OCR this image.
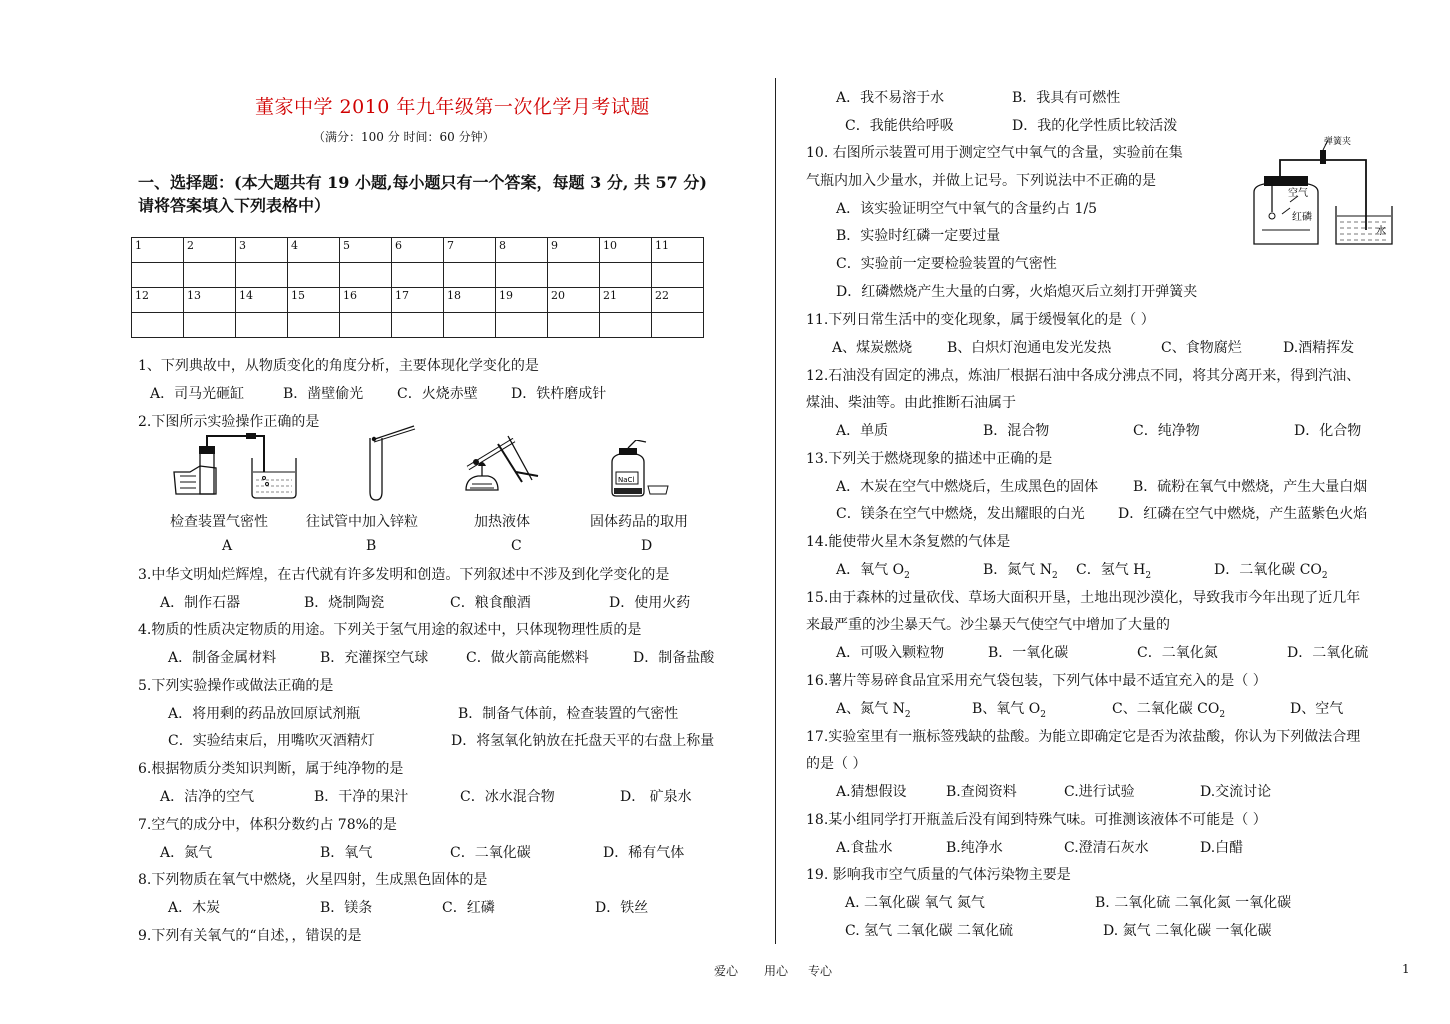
董家中学 2010 年九年级第一次化学月考试题
（满分：100 分 时间：60 分钟）
一、选择题：(本大题共有 19 小题,每小题只有一个答案，每题 3 分, 共 57 分)
请将答案填入下列表格中）
1	2	3	4	5	6	7	8	9	10	11

12	13	14	15	16	17	18	19	20	21	22

1、下列典故中，从物质变化的角度分析，主要体现化学变化的是
A．司马光砸缸	B．凿壁偷光 C．火烧赤壁 D．铁杵磨成针
2.下图所示实验操作正确的是
NaCl
检查装置气密性	往试管中加入锌粒	加热液体	固体药品的取用
A	B	C	D
3.中华文明灿烂辉煌，在古代就有许多发明和创造。下列叙述中不涉及到化学变化的是
A．制作石器	B．烧制陶瓷	C．粮食酿酒	D．使用火药
4.物质的性质决定物质的用途。下列关于氢气用途的叙述中，只体现物理性质的是
A．制备金属材料	B．充灌探空气球	C．做火箭高能燃料	D．制备盐酸
5.下列实验操作或做法正确的是
A．将用剩的药品放回原试剂瓶	B．制备气体前，检查装置的气密性
C．实验结束后，用嘴吹灭酒精灯	D．将氢氧化钠放在托盘天平的右盘上称量
6.根据物质分类知识判断，属于纯净物的是
A．洁净的空气	B．干净的果汁	C．冰水混合物	D． 矿泉水
7.空气的成分中，体积分数约占 78%的是
A．氮气	B．氧气	C．二氧化碳	D．稀有气体
8.下列物质在氧气中燃烧，火星四射，生成黑色固体的是
A．木炭	B．镁条	C．红磷	D．铁丝
9.下列有关氧气的“自述，，错误的是
A．我不易溶于水	B．我具有可燃性
C．我能供给呼吸	D．我的化学性质比较活泼
10. 右图所示装置可用于测定空气中氧气的含量，实验前在集
气瓶内加入少量水，并做上记号。下列说法中不正确的是
A．该实验证明空气中氧气的含量约占 1/5
B．实验时红磷一定要过量
C．实验前一定要检验装置的气密性
D．红磷燃烧产生大量的白雾，火焰熄灭后立刻打开弹簧夹
弹簧夹
空气
红磷
水
11.下列日常生活中的变化现象，属于缓慢氧化的是（ ）
A、煤炭燃烧 B、白炽灯泡通电发光发热	C、食物腐烂	D.酒精挥发
12.石油没有固定的沸点，炼油厂根据石油中各成分沸点不同，将其分离开来，得到汽油、
煤油、柴油等。由此推断石油属于
A．单质	B．混合物	C．纯净物	D．化合物
13.下列关于燃烧现象的描述中正确的是
A．木炭在空气中燃烧后，生成黑色的固体 B．硫粉在氧气中燃烧，产生大量白烟
C．镁条在空气中燃烧，发出耀眼的白光 D．红磷在空气中燃烧，产生蓝紫色火焰
14.能使带火星木条复燃的气体是
A．氧气 $O_2$	B．氮气 $N_2$ C．氢气 $H_2$	D．二氧化碳 $CO_2$
15.由于森林的过量砍伐、草场大面积开垦，土地出现沙漠化，导致我市今年出现了近几年
来最严重的沙尘暴天气。沙尘暴天气使空气中增加了大量的
A．可吸入颗粒物	B．一氧化碳	C．二氧化氮	D．二氧化硫
16.薯片等易碎食品宜采用充气袋包装，下列气体中最不适宜充入的是（ ）
A、氮气 $N_2$	B、氧气 $O_2$	C、二氧化碳 $CO_2$	D、空气
17.实验室里有一瓶标签残缺的盐酸。为能立即确定它是否为浓盐酸，你认为下列做法合理
的是（ ）
A.猜想假设	B.查阅资料	C.进行试验	D.交流讨论
18.某小组同学打开瓶盖后没有闻到特殊气味。可推测该液体不可能是（ ）
A.食盐水	B.纯净水	C.澄清石灰水	D.白醋
19. 影响我市空气质量的气体污染物主要是
A. 二氧化碳 氧气 氮气	B. 二氧化硫 二氧化氮 一氧化碳
C. 氢气 二氧化碳 二氧化硫	D. 氮气 二氧化碳 一氧化碳
爱心 用心 专心	1
